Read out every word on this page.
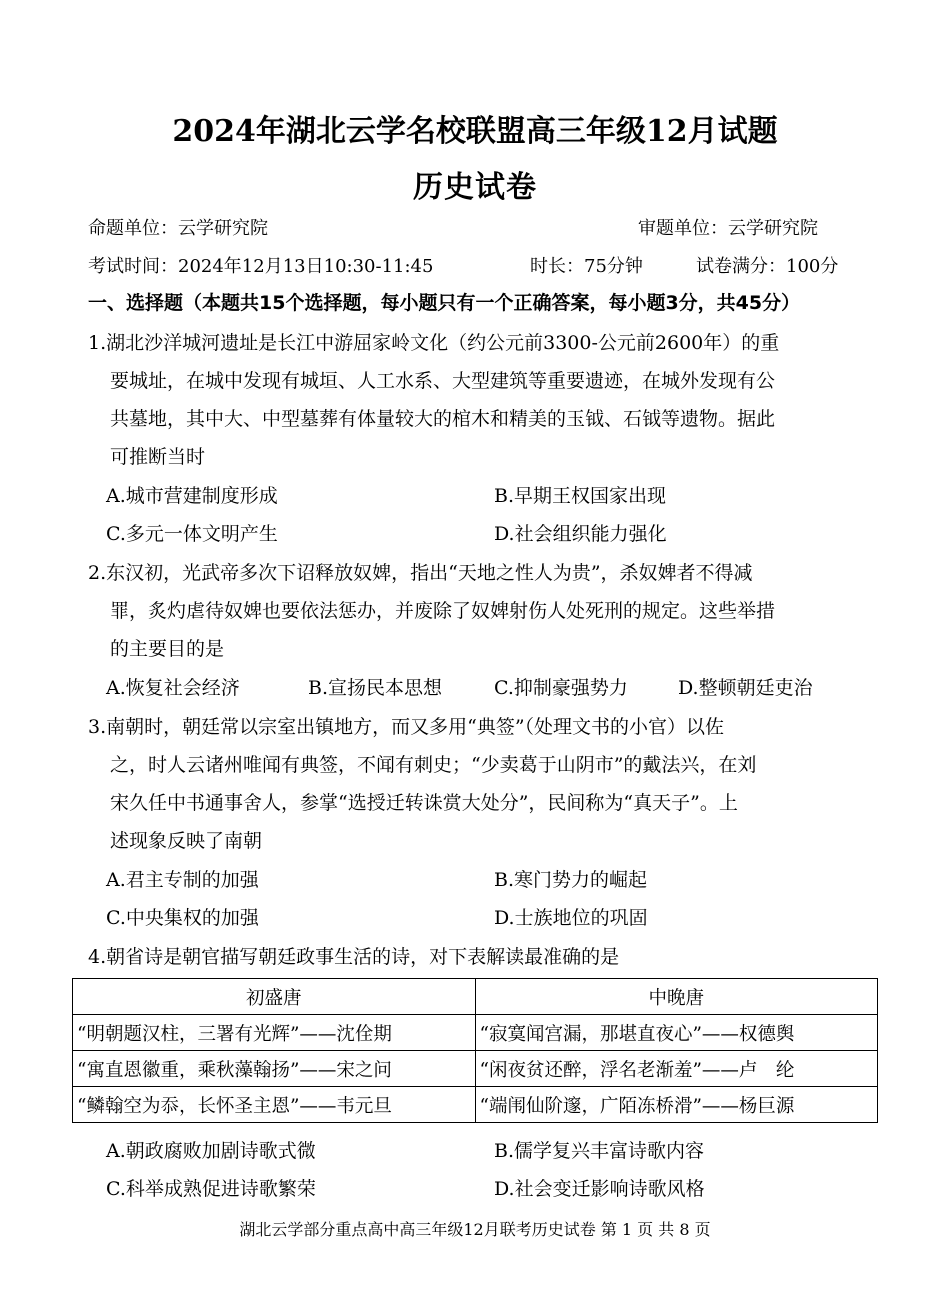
2024年湖北云学名校联盟高三年级12月试题
历史试卷
命题单位：云学研究院	审题单位：云学研究院
考试时间：2024年12月13日10:30-11:45	时长：75分钟	试卷满分：100分
一、选择题（本题共15个选择题，每小题只有一个正确答案，每小题3分，共45分）
1.湖北沙洋城河遗址是长江中游屈家岭文化（约公元前3300-公元前2600年）的重
要城址，在城中发现有城垣、人工水系、大型建筑等重要遗迹，在城外发现有公
共墓地，其中大、中型墓葬有体量较大的棺木和精美的玉钺、石钺等遗物。据此
可推断当时
A.城市营建制度形成	B.早期王权国家出现
C.多元一体文明产生	D.社会组织能力强化
2.东汉初，光武帝多次下诏释放奴婢，指出“天地之性人为贵”，杀奴婢者不得减
罪，炙灼虐待奴婢也要依法惩办，并废除了奴婢射伤人处死刑的规定。这些举措
的主要目的是
A.恢复社会经济	B.宣扬民本思想	C.抑制豪强势力	D.整顿朝廷吏治
3.南朝时，朝廷常以宗室出镇地方，而又多用“典签”（处理文书的小官）以佐
之，时人云诸州唯闻有典签，不闻有刺史；“少卖葛于山阴市”的戴法兴，在刘
宋久任中书通事舍人，参掌“选授迁转诛赏大处分”，民间称为“真天子”。上
述现象反映了南朝
A.君主专制的加强	B.寒门势力的崛起
C.中央集权的加强	D.士族地位的巩固
4.朝省诗是朝官描写朝廷政事生活的诗，对下表解读最准确的是
初盛唐	中晚唐
“明朝题汉柱，三署有光辉”——沈佺期	“寂寞闻宫漏，那堪直夜心”——权德舆
“寓直恩徽重，乘秋藻翰扬”——宋之问	“闲夜贫还醉，浮名老渐羞”——卢　纶
“鳞翰空为忝，长怀圣主恩”——韦元旦	“端闱仙阶邃，广陌冻桥滑”——杨巨源
A.朝政腐败加剧诗歌式微	B.儒学复兴丰富诗歌内容
C.科举成熟促进诗歌繁荣	D.社会变迁影响诗歌风格
湖北云学部分重点高中高三年级12月联考历史试卷 第 1 页 共 8 页
